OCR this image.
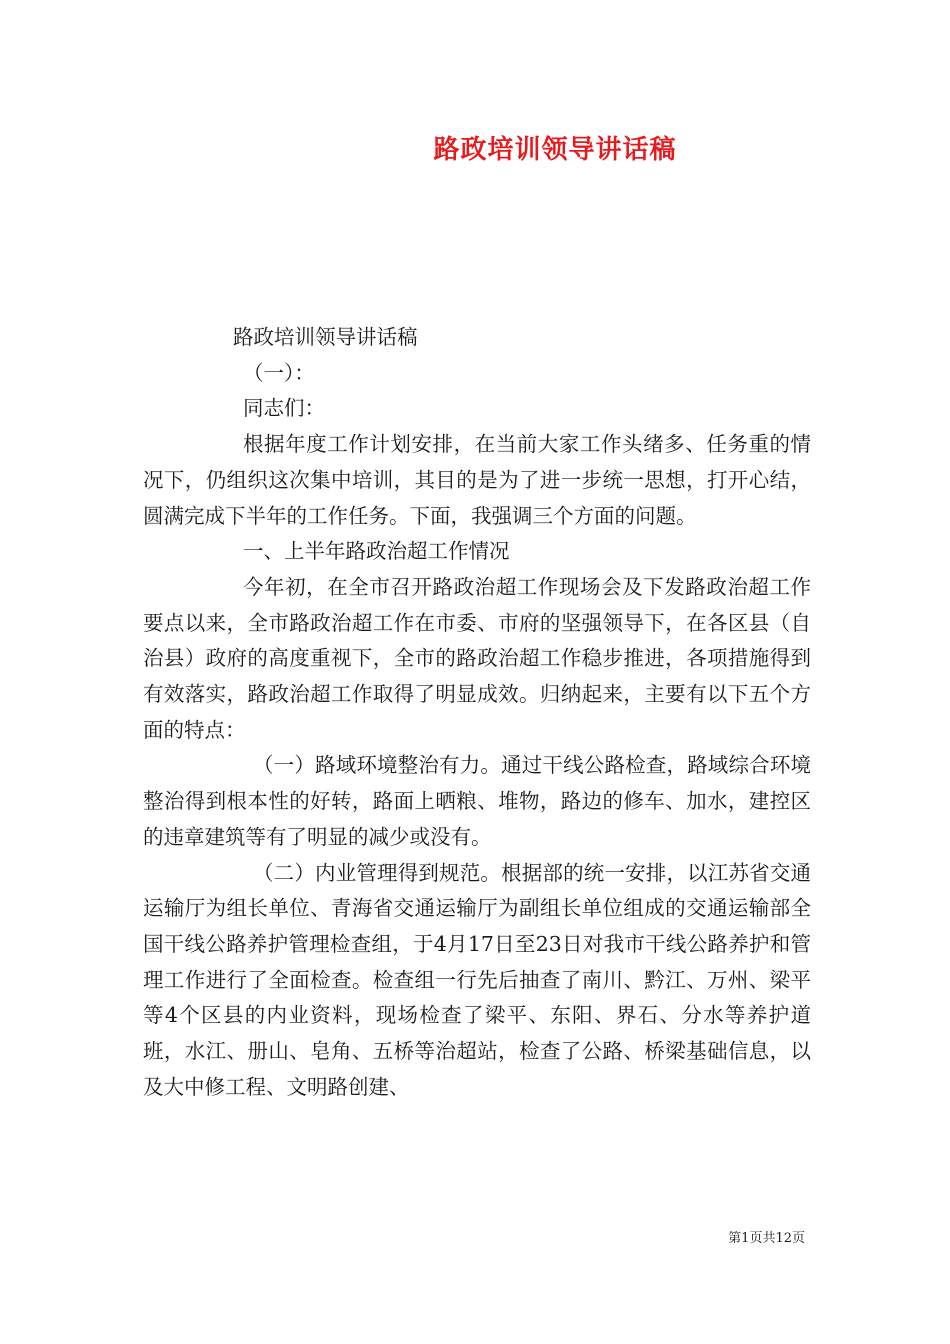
路政培训领导讲话稿

路政培训领导讲话稿

（一）：

同志们：

根据年度工作计划安排，在当前大家工作头绪多、任务重的情况下，仍组织这次集中培训，其目的是为了进一步统一思想，打开心结，圆满完成下半年的工作任务。下面，我强调三个方面的问题。

一、上半年路政治超工作情况

今年初，在全市召开路政治超工作现场会及下发路政治超工作要点以来，全市路政治超工作在市委、市府的坚强领导下，在各区县（自治县）政府的高度重视下，全市的路政治超工作稳步推进，各项措施得到有效落实，路政治超工作取得了明显成效。归纳起来，主要有以下五个方面的特点：

（一）路域环境整治有力。通过干线公路检查，路域综合环境整治得到根本性的好转，路面上晒粮、堆物，路边的修车、加水，建控区的违章建筑等有了明显的减少或没有。

（二）内业管理得到规范。根据部的统一安排，以江苏省交通运输厅为组长单位、青海省交通运输厅为副组长单位组成的交通运输部全国干线公路养护管理检查组，于4月17日至23日对我市干线公路养护和管理工作进行了全面检查。检查组一行先后抽查了南川、黔江、万州、梁平等4个区县的内业资料，现场检查了梁平、东阳、界石、分水等养护道班，水江、册山、皂角、五桥等治超站，检查了公路、桥梁基础信息，以及大中修工程、文明路创建、

第1页共12页
